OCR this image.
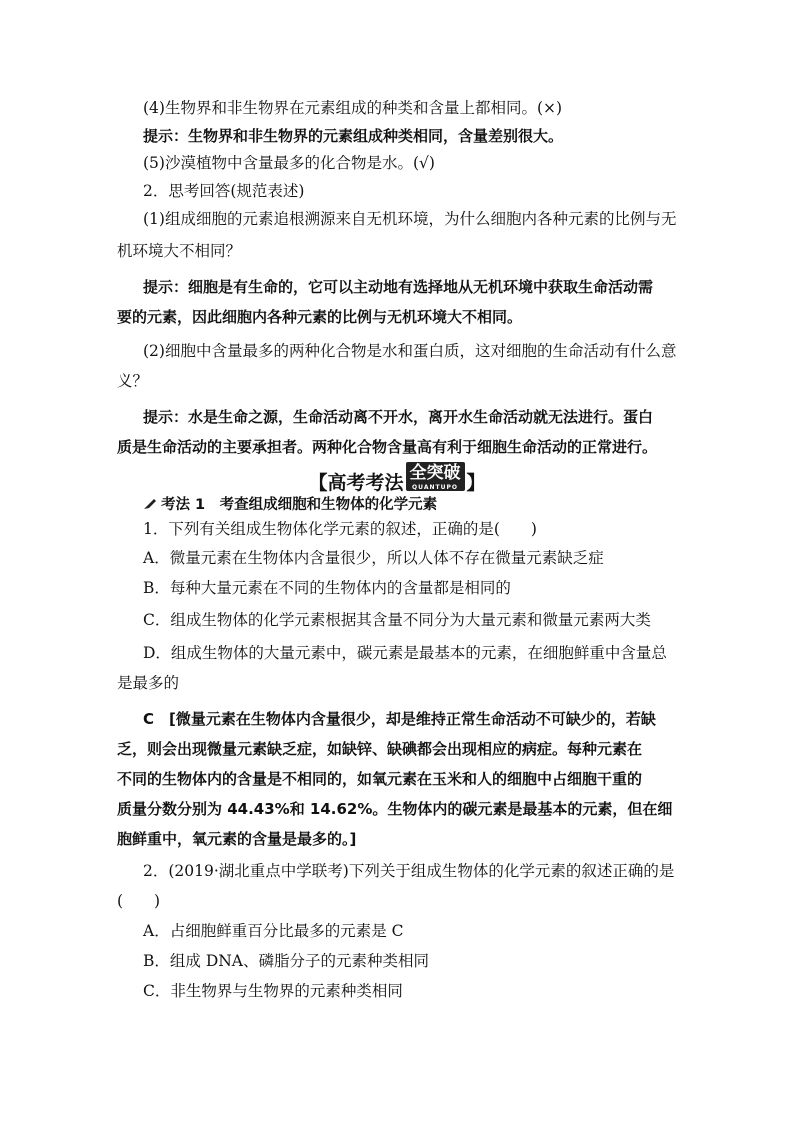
(4)生物界和非生物界在元素组成的种类和含量上都相同。(×)
提示：生物界和非生物界的元素组成种类相同，含量差别很大。
(5)沙漠植物中含量最多的化合物是水。(√)
2．思考回答(规范表述)
(1)组成细胞的元素追根溯源来自无机环境，为什么细胞内各种元素的比例与无
机环境大不相同？
提示：细胞是有生命的，它可以主动地有选择地从无机环境中获取生命活动需
要的元素，因此细胞内各种元素的比例与无机环境大不相同。
(2)细胞中含量最多的两种化合物是水和蛋白质，这对细胞的生命活动有什么意
义？
提示：水是生命之源，生命活动离不开水，离开水生命活动就无法进行。蛋白
质是生命活动的主要承担者。两种化合物含量高有利于细胞生命活动的正常进行。
【高考考法 全突破
QUANTUPO 】
考法 1　 考查组成细胞和生物体的化学元素
1．下列有关组成生物体化学元素的叙述，正确的是(　　)
A．微量元素在生物体内含量很少，所以人体不存在微量元素缺乏症
B．每种大量元素在不同的生物体内的含量都是相同的
C．组成生物体的化学元素根据其含量不同分为大量元素和微量元素两大类
D．组成生物体的大量元素中，碳元素是最基本的元素，在细胞鲜重中含量总
是最多的
C　[微量元素在生物体内含量很少，却是维持正常生命活动不可缺少的，若缺
乏，则会出现微量元素缺乏症，如缺锌、缺碘都会出现相应的病症。每种元素在
不同的生物体内的含量是不相同的，如氧元素在玉米和人的细胞中占细胞干重的
质量分数分别为 44.43%和 14.62%。生物体内的碳元素是最基本的元素，但在细
胞鲜重中，氧元素的含量是最多的。]
2．(2019·湖北重点中学联考)下列关于组成生物体的化学元素的叙述正确的是
(　　)
A．占细胞鲜重百分比最多的元素是 C
B．组成 DNA、磷脂分子的元素种类相同
C．非生物界与生物界的元素种类相同
